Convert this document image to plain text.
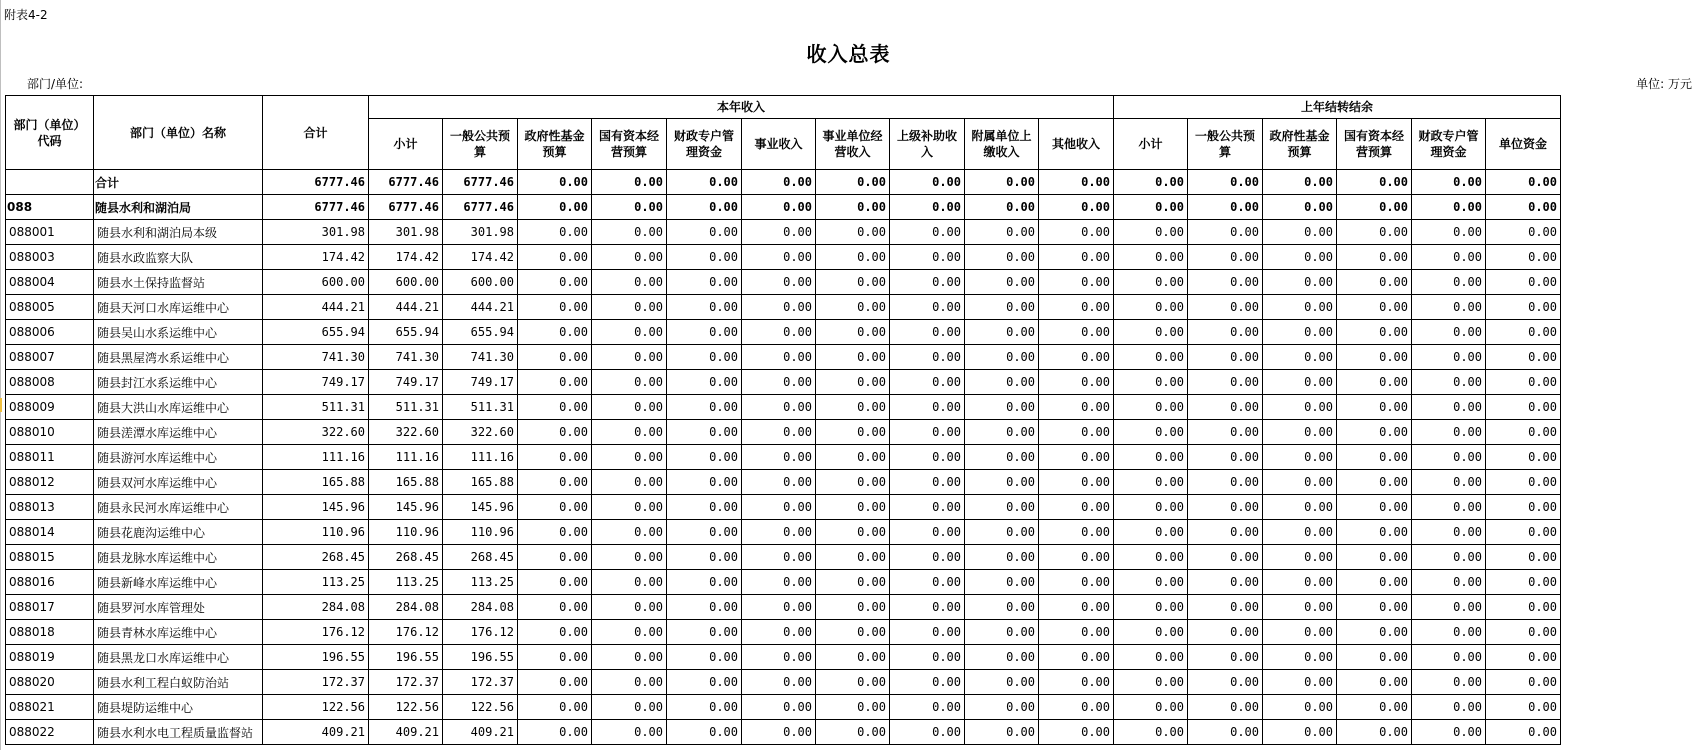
附表4-2
收入总表
部门/单位:	单位: 万元
部门（单位）代码	部门（单位）名称	合计	本年收入										上年结转结余					
			小计	一般公共预算	政府性基金预算	国有资本经营预算	财政专户管理资金	事业收入	事业单位经营收入	上级补助收入	附属单位上缴收入	其他收入	小计	一般公共预算	政府性基金预算	国有资本经营预算	财政专户管理资金	单位资金
	合计	6777.46	6777.46	6777.46	0.00	0.00	0.00	0.00	0.00	0.00	0.00	0.00	0.00	0.00	0.00	0.00	0.00	0.00
088	随县水利和湖泊局	6777.46	6777.46	6777.46	0.00	0.00	0.00	0.00	0.00	0.00	0.00	0.00	0.00	0.00	0.00	0.00	0.00	0.00
088001	随县水利和湖泊局本级	301.98	301.98	301.98	0.00	0.00	0.00	0.00	0.00	0.00	0.00	0.00	0.00	0.00	0.00	0.00	0.00	0.00
088003	随县水政监察大队	174.42	174.42	174.42	0.00	0.00	0.00	0.00	0.00	0.00	0.00	0.00	0.00	0.00	0.00	0.00	0.00	0.00
088004	随县水土保持监督站	600.00	600.00	600.00	0.00	0.00	0.00	0.00	0.00	0.00	0.00	0.00	0.00	0.00	0.00	0.00	0.00	0.00
088005	随县天河口水库运维中心	444.21	444.21	444.21	0.00	0.00	0.00	0.00	0.00	0.00	0.00	0.00	0.00	0.00	0.00	0.00	0.00	0.00
088006	随县吴山水系运维中心	655.94	655.94	655.94	0.00	0.00	0.00	0.00	0.00	0.00	0.00	0.00	0.00	0.00	0.00	0.00	0.00	0.00
088007	随县黑屋湾水系运维中心	741.30	741.30	741.30	0.00	0.00	0.00	0.00	0.00	0.00	0.00	0.00	0.00	0.00	0.00	0.00	0.00	0.00
088008	随县封江水系运维中心	749.17	749.17	749.17	0.00	0.00	0.00	0.00	0.00	0.00	0.00	0.00	0.00	0.00	0.00	0.00	0.00	0.00
088009	随县大洪山水库运维中心	511.31	511.31	511.31	0.00	0.00	0.00	0.00	0.00	0.00	0.00	0.00	0.00	0.00	0.00	0.00	0.00	0.00
088010	随县溠潭水库运维中心	322.60	322.60	322.60	0.00	0.00	0.00	0.00	0.00	0.00	0.00	0.00	0.00	0.00	0.00	0.00	0.00	0.00
088011	随县游河水库运维中心	111.16	111.16	111.16	0.00	0.00	0.00	0.00	0.00	0.00	0.00	0.00	0.00	0.00	0.00	0.00	0.00	0.00
088012	随县双河水库运维中心	165.88	165.88	165.88	0.00	0.00	0.00	0.00	0.00	0.00	0.00	0.00	0.00	0.00	0.00	0.00	0.00	0.00
088013	随县永民河水库运维中心	145.96	145.96	145.96	0.00	0.00	0.00	0.00	0.00	0.00	0.00	0.00	0.00	0.00	0.00	0.00	0.00	0.00
088014	随县花鹿沟运维中心	110.96	110.96	110.96	0.00	0.00	0.00	0.00	0.00	0.00	0.00	0.00	0.00	0.00	0.00	0.00	0.00	0.00
088015	随县龙脉水库运维中心	268.45	268.45	268.45	0.00	0.00	0.00	0.00	0.00	0.00	0.00	0.00	0.00	0.00	0.00	0.00	0.00	0.00
088016	随县新峰水库运维中心	113.25	113.25	113.25	0.00	0.00	0.00	0.00	0.00	0.00	0.00	0.00	0.00	0.00	0.00	0.00	0.00	0.00
088017	随县罗河水库管理处	284.08	284.08	284.08	0.00	0.00	0.00	0.00	0.00	0.00	0.00	0.00	0.00	0.00	0.00	0.00	0.00	0.00
088018	随县青林水库运维中心	176.12	176.12	176.12	0.00	0.00	0.00	0.00	0.00	0.00	0.00	0.00	0.00	0.00	0.00	0.00	0.00	0.00
088019	随县黑龙口水库运维中心	196.55	196.55	196.55	0.00	0.00	0.00	0.00	0.00	0.00	0.00	0.00	0.00	0.00	0.00	0.00	0.00	0.00
088020	随县水利工程白蚁防治站	172.37	172.37	172.37	0.00	0.00	0.00	0.00	0.00	0.00	0.00	0.00	0.00	0.00	0.00	0.00	0.00	0.00
088021	随县堤防运维中心	122.56	122.56	122.56	0.00	0.00	0.00	0.00	0.00	0.00	0.00	0.00	0.00	0.00	0.00	0.00	0.00	0.00
088022	随县水利水电工程质量监督站	409.21	409.21	409.21	0.00	0.00	0.00	0.00	0.00	0.00	0.00	0.00	0.00	0.00	0.00	0.00	0.00	0.00
